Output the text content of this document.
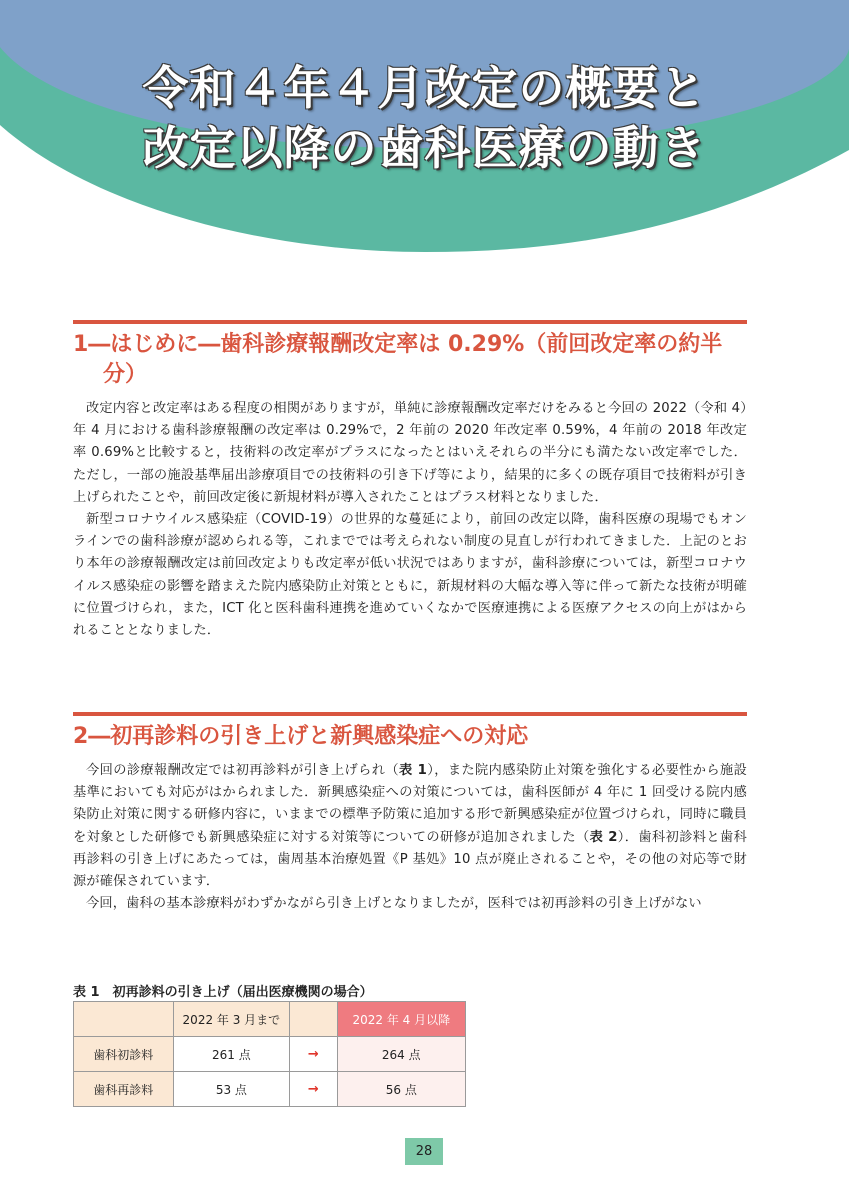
令和４年４月改定の概要と
改定以降の歯科医療の動き
1―はじめに―歯科診療報酬改定率は 0.29%（前回改定率の約半分）

改定内容と改定率はある程度の相関がありますが，単純に診療報酬改定率だけをみると今回の 2022（令和 4）年 4 月における歯科診療報酬の改定率は 0.29%で，2 年前の 2020 年改定率 0.59%，4 年前の 2018 年改定率 0.69%と比較すると，技術料の改定率がプラスになったとはいえそれらの半分にも満たない改定率でした．ただし，一部の施設基準届出診療項目での技術料の引き下げ等により，結果的に多くの既存項目で技術料が引き上げられたことや，前回改定後に新規材料が導入されたことはプラス材料となりました．

新型コロナウイルス感染症（COVID-19）の世界的な蔓延により，前回の改定以降，歯科医療の現場でもオンラインでの歯科診療が認められる等，これまででは考えられない制度の見直しが行われてきました．上記のとおり本年の診療報酬改定は前回改定よりも改定率が低い状況ではありますが，歯科診療については，新型コロナウイルス感染症の影響を踏まえた院内感染防止対策とともに，新規材料の大幅な導入等に伴って新たな技術が明確に位置づけられ，また，ICT 化と医科歯科連携を進めていくなかで医療連携による医療アクセスの向上がはかられることとなりました．

2―初再診料の引き上げと新興感染症への対応

今回の診療報酬改定では初再診料が引き上げられ（表 1），また院内感染防止対策を強化する必要性から施設基準においても対応がはかられました．新興感染症への対策については，歯科医師が 4 年に 1 回受ける院内感染防止対策に関する研修内容に，いままでの標準予防策に追加する形で新興感染症が位置づけられ，同時に職員を対象とした研修でも新興感染症に対する対策等についての研修が追加されました（表 2）．歯科初診料と歯科再診料の引き上げにあたっては，歯周基本治療処置《P 基処》10 点が廃止されることや，その他の対応等で財源が確保されています．

今回，歯科の基本診療料がわずかながら引き上げとなりましたが，医科では初再診料の引き上げがない

表 1　初再診料の引き上げ（届出医療機関の場合）

	2022 年 3 月まで		2022 年 4 月以降
歯科初診料	261 点	→	264 点
歯科再診料	53 点	→	56 点
28
